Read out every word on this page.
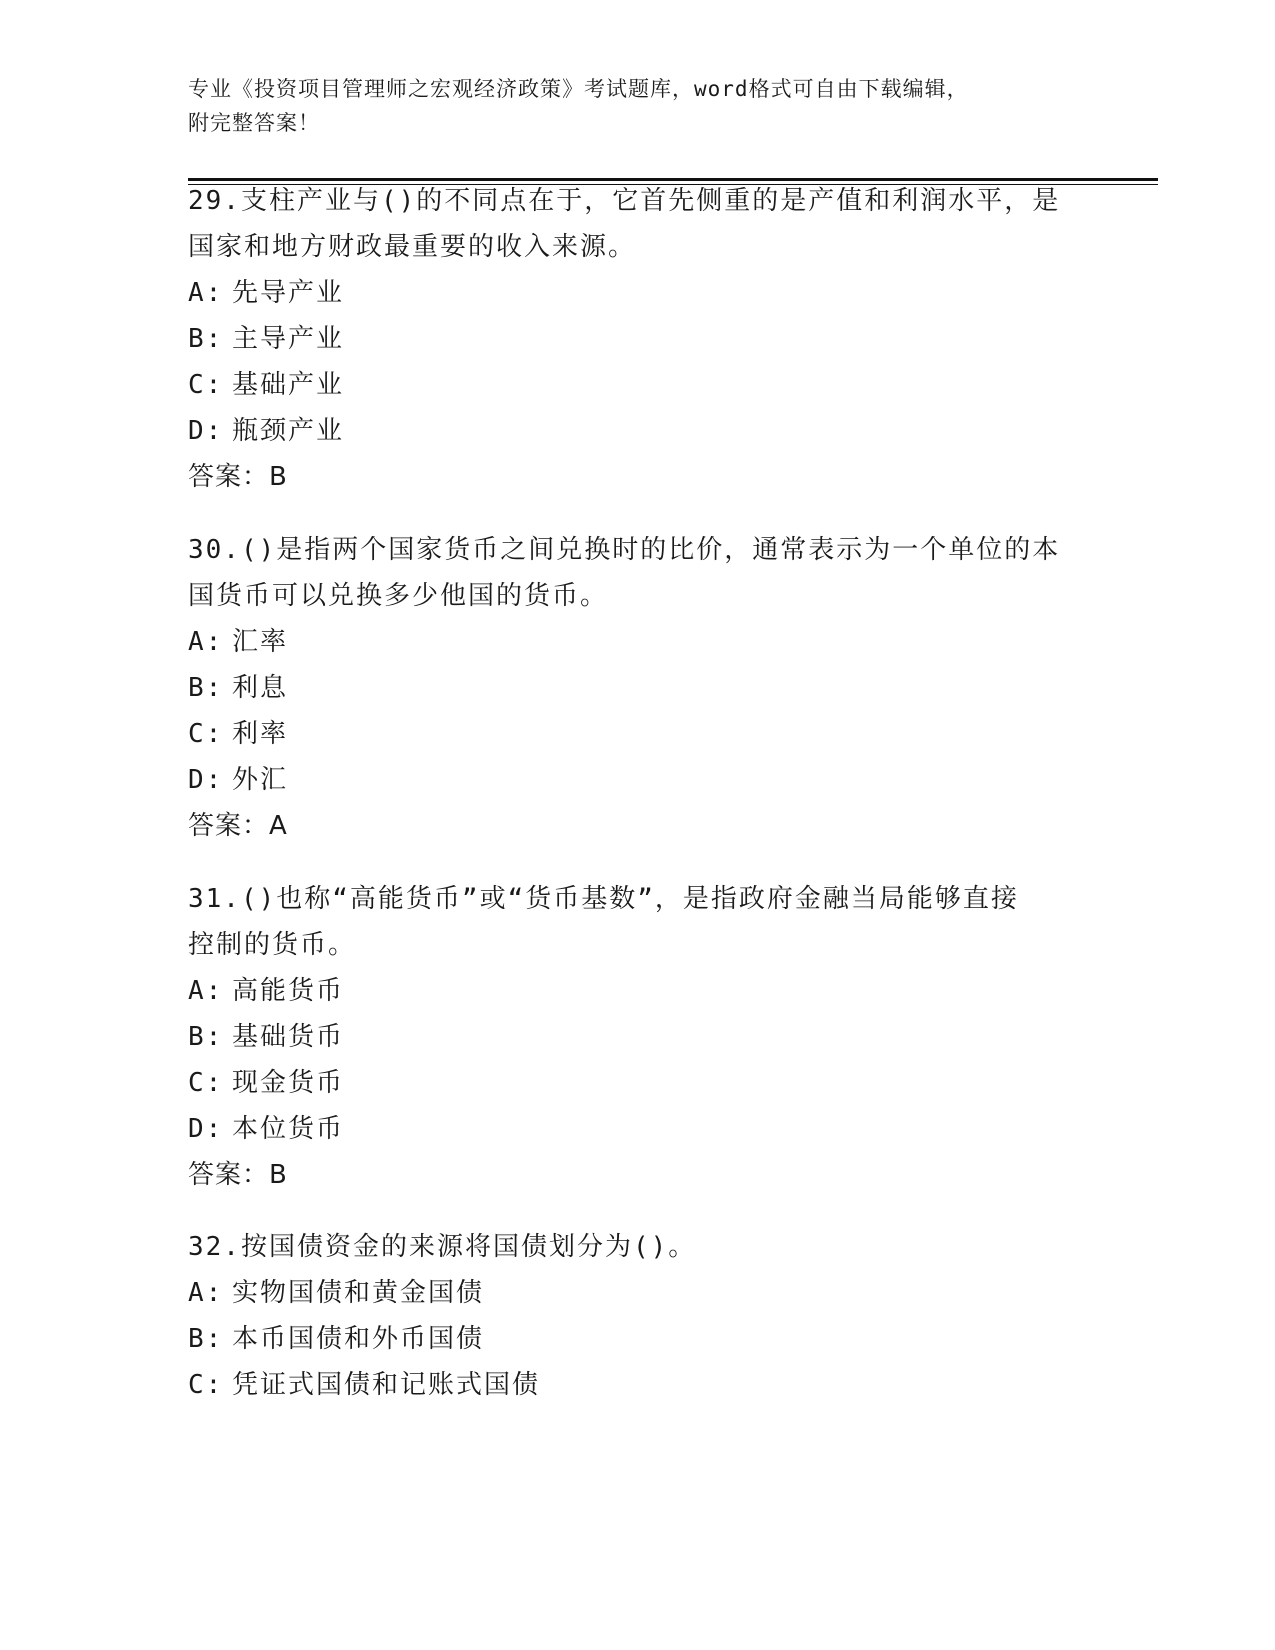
专业《投资项目管理师之宏观经济政策》考试题库，word格式可自由下载编辑，
附完整答案！

29.支柱产业与()的不同点在于，它首先侧重的是产值和利润水平，是
国家和地方财政最重要的收入来源。

A: 先导产业

B: 主导产业

C: 基础产业

D: 瓶颈产业

答案：B

30.()是指两个国家货币之间兑换时的比价，通常表示为一个单位的本
国货币可以兑换多少他国的货币。

A: 汇率

B: 利息

C: 利率

D: 外汇

答案：A

31.()也称“高能货币”或“货币基数”，是指政府金融当局能够直接
控制的货币。

A: 高能货币

B: 基础货币

C: 现金货币

D: 本位货币

答案：B

32.按国债资金的来源将国债划分为()。

A: 实物国债和黄金国债

B: 本币国债和外币国债

C: 凭证式国债和记账式国债
